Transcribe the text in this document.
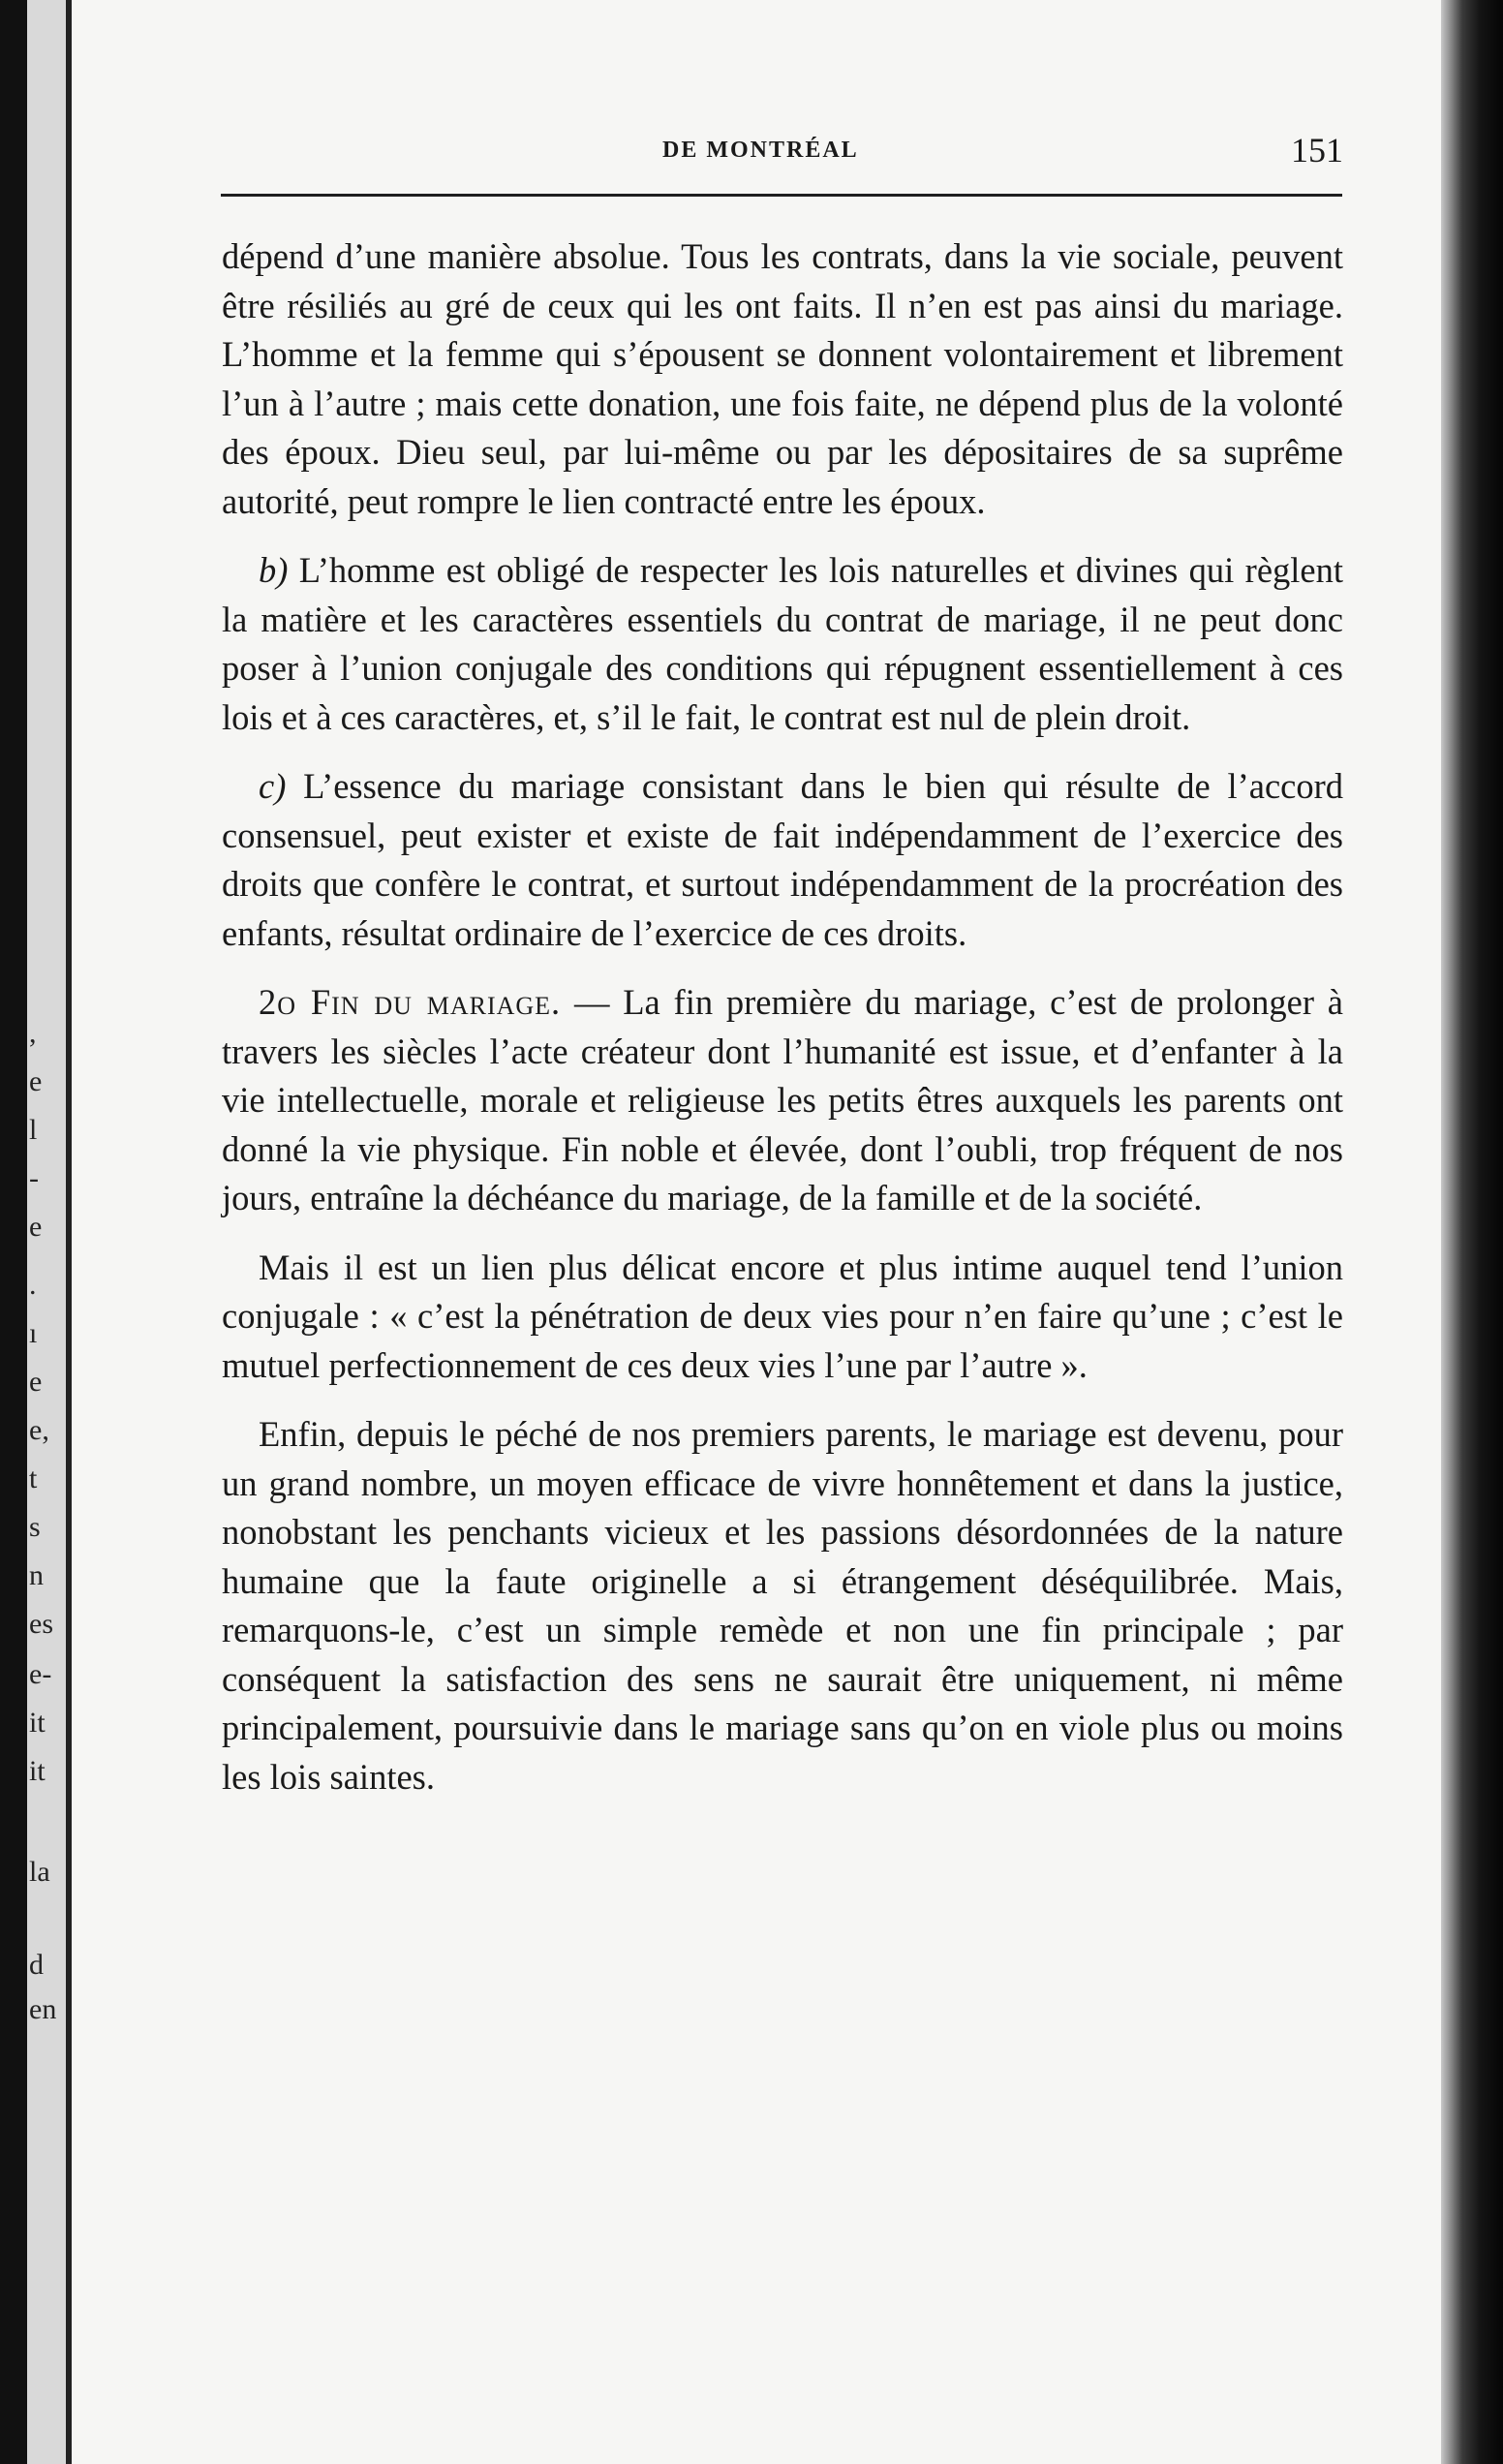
,
e
l
-
e
.
ı
e
e,
t
s
n
es
e-
it
it
la
d
en
DE MONTRÉAL	151

dépend d’une manière absolue. Tous les contrats, dans la vie sociale, peuvent être résiliés au gré de ceux qui les ont faits. Il n’en est pas ainsi du mariage. L’homme et la femme qui s’épousent se donnent volontairement et librement l’un à l’autre ; mais cette donation, une fois faite, ne dépend plus de la volonté des époux. Dieu seul, par lui-même ou par les dépositaires de sa suprême autorité, peut rompre le lien contracté entre les époux.

b) L’homme est obligé de respecter les lois naturelles et divines qui règlent la matière et les caractères essentiels du contrat de mariage, il ne peut donc poser à l’union conjugale des conditions qui répugnent essentiellement à ces lois et à ces caractères, et, s’il le fait, le contrat est nul de plein droit.

c) L’essence du mariage consistant dans le bien qui résulte de l’accord consensuel, peut exister et existe de fait indépendamment de l’exercice des droits que confère le contrat, et surtout indépendamment de la procréation des enfants, résultat ordinaire de l’exercice de ces droits.

2o Fin du mariage. — La fin première du mariage, c’est de prolonger à travers les siècles l’acte créateur dont l’humanité est issue, et d’enfanter à la vie intellectuelle, morale et religieuse les petits êtres auxquels les parents ont donné la vie physique. Fin noble et élevée, dont l’oubli, trop fréquent de nos jours, entraîne la déchéance du mariage, de la famille et de la société.

Mais il est un lien plus délicat encore et plus intime auquel tend l’union conjugale : « c’est la pénétration de deux vies pour n’en faire qu’une ; c’est le mutuel perfectionnement de ces deux vies l’une par l’autre ».

Enfin, depuis le péché de nos premiers parents, le mariage est devenu, pour un grand nombre, un moyen efficace de vivre honnêtement et dans la justice, nonobstant les penchants vicieux et les passions désordonnées de la nature humaine que la faute originelle a si étrangement déséquilibrée. Mais, remarquons-le, c’est un simple remède et non une fin principale ; par conséquent la satisfaction des sens ne saurait être uniquement, ni même principalement, poursuivie dans le mariage sans qu’on en viole plus ou moins les lois saintes.
